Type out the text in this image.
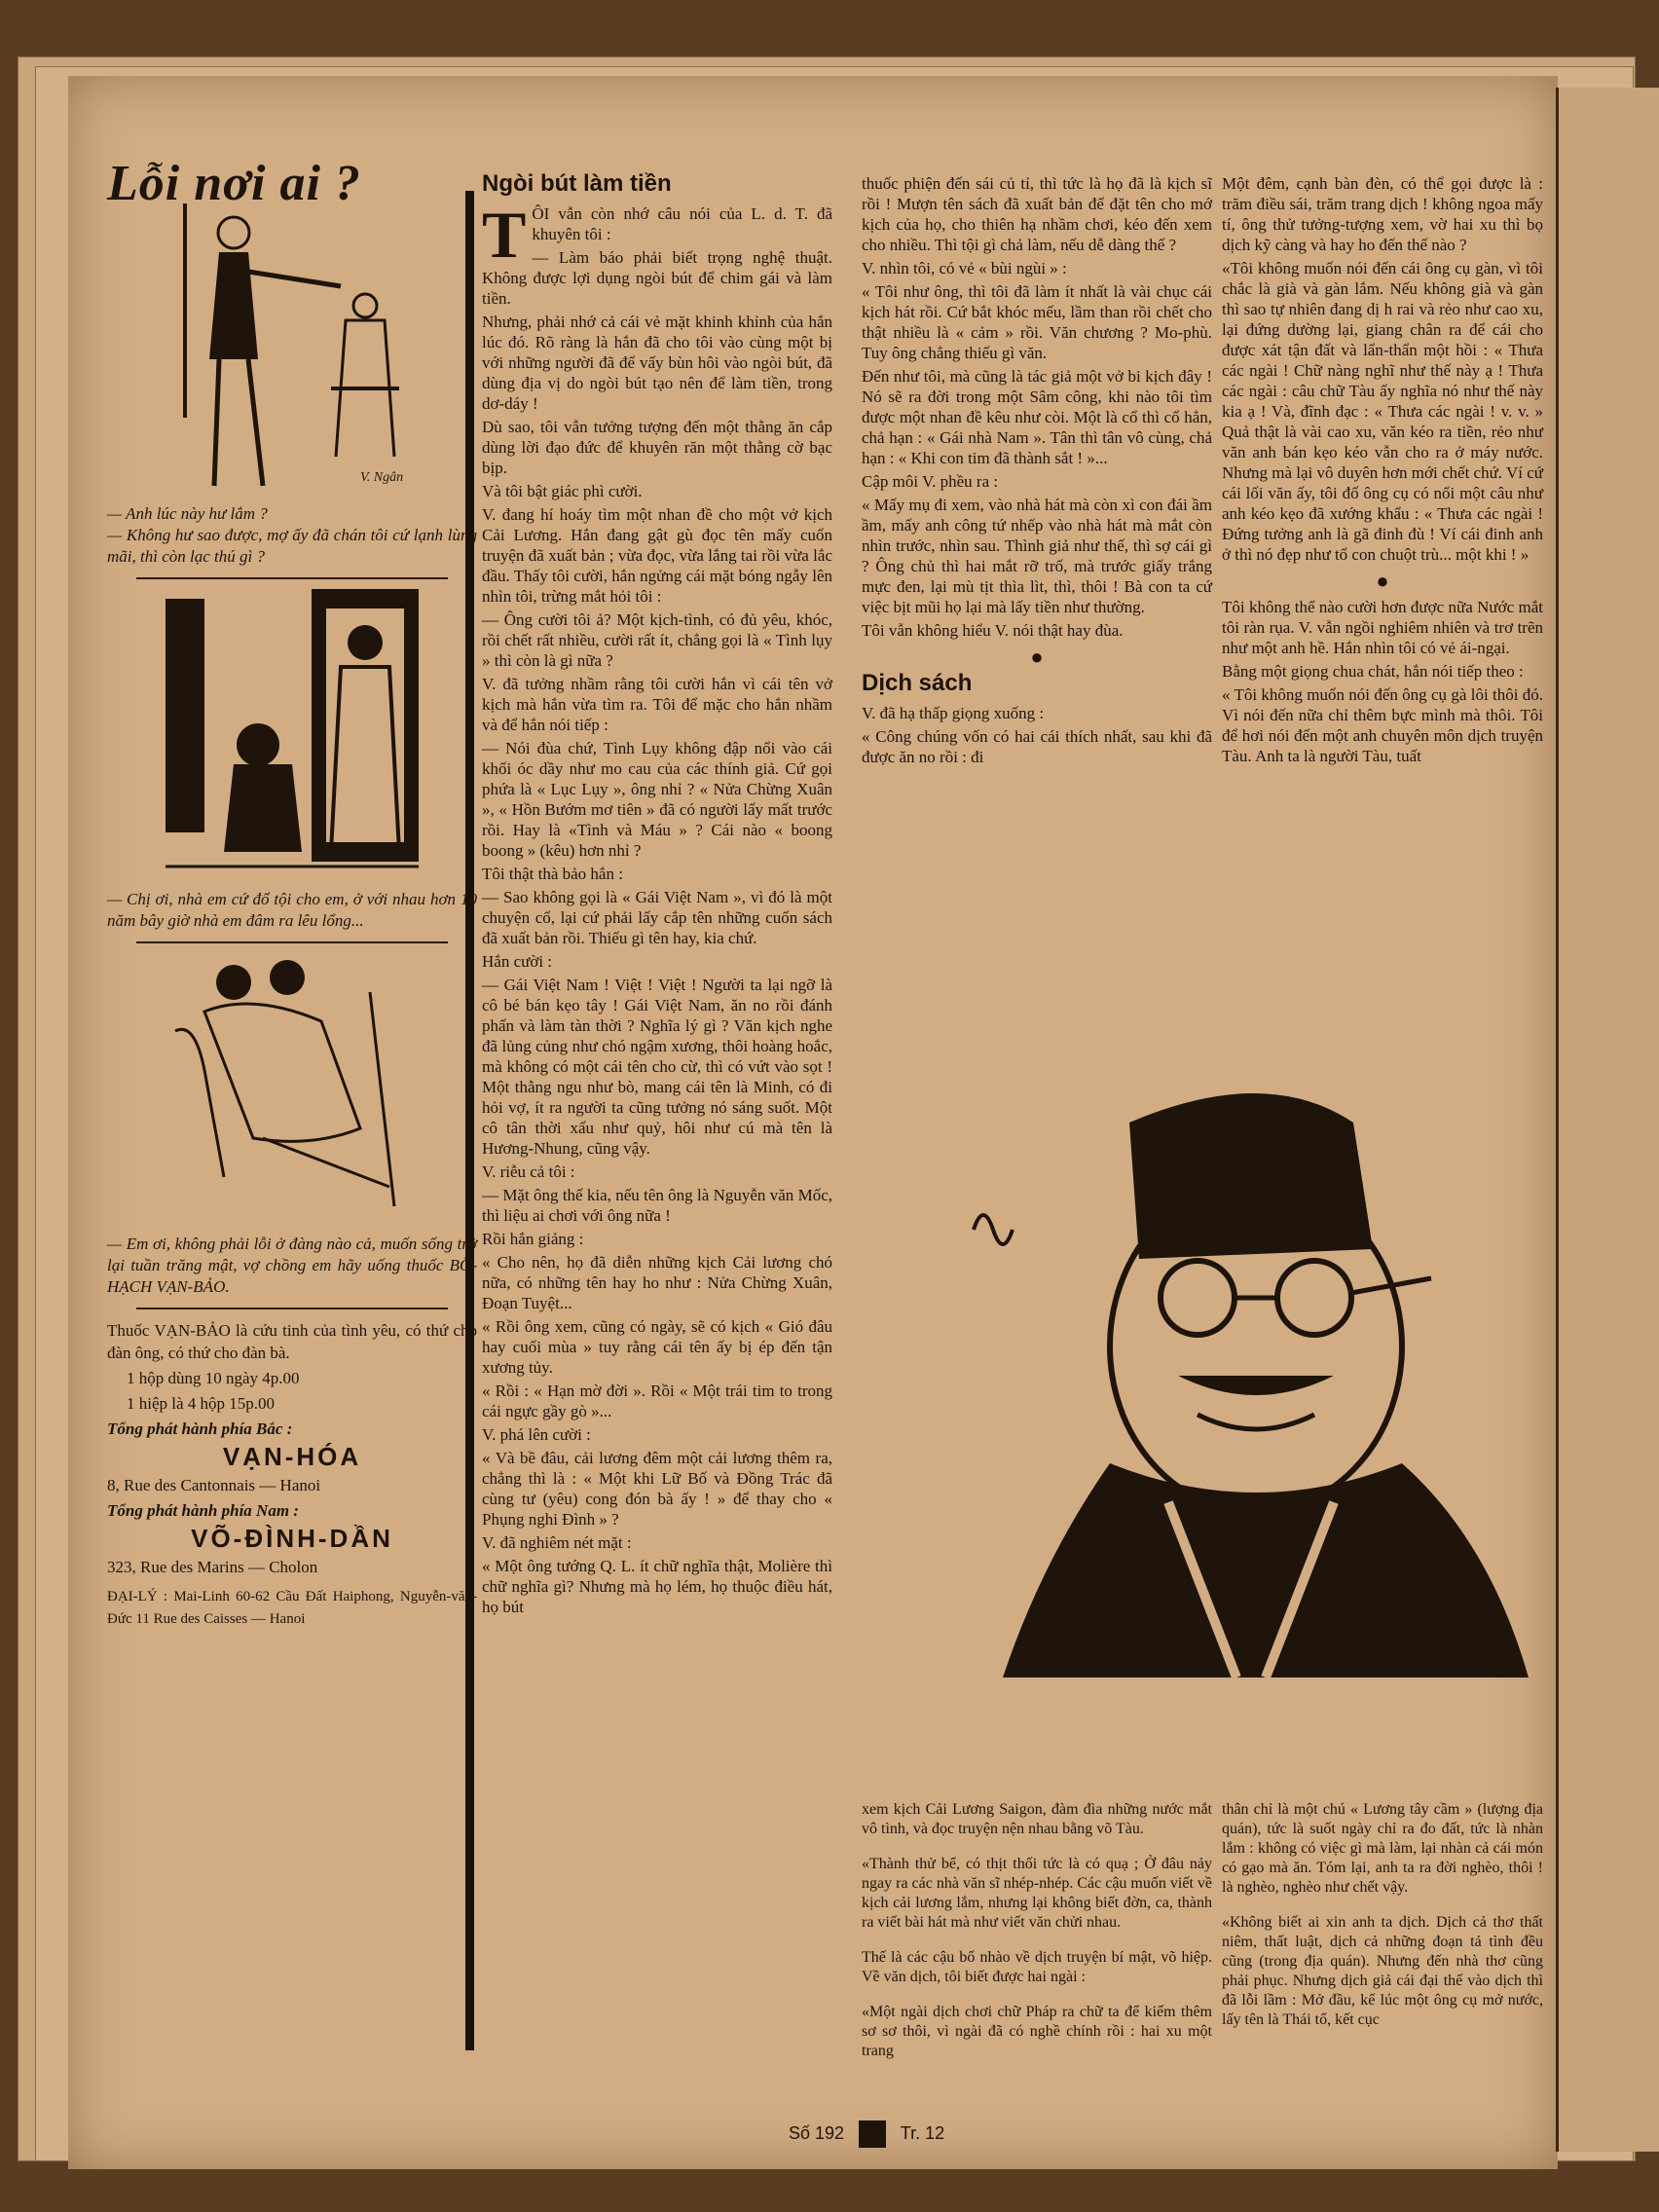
Lỗi nơi ai ?
V. Ngân
— Anh lúc này hư lắm ?
— Không hư sao được, mợ ấy đã chán tôi cứ lạnh lùng mãi, thì còn lạc thú gì ?
— Chị ơi, nhà em cứ đổ tội cho em, ở với nhau hơn 10 năm bây giờ nhà em đâm ra lêu lổng...
— Em ơi, không phải lỗi ở đàng nào cả, muốn sống trở lại tuần trăng mật, vợ chồng em hãy uống thuốc BỔ-HẠCH VẠN-BẢO.

Thuốc VẠN-BẢO là cứu tinh của tình yêu, có thứ cho đàn ông, có thứ cho đàn bà.

1 hộp dùng 10 ngày 4p.00

1 hiệp là 4 hộp 15p.00

Tổng phát hành phía Bắc :

VẠN-HÓA

8, Rue des Cantonnais — Hanoi

Tổng phát hành phía Nam :

VÕ-ĐÌNH-DẦN

323, Rue des Marins — Cholon

ĐẠI-LÝ : Mai-Linh 60-62 Cầu Đất Haiphong, Nguyễn-văn-Đức 11 Rue des Caisses — Hanoi

Ngòi bút làm tiền
T ÔI vẫn còn nhớ câu nói của L. d. T. đã khuyên tôi :

— Làm báo phải biết trọng nghệ thuật. Không được lợi dụng ngòi bút để chim gái và làm tiền.

Nhưng, phải nhớ cả cái vẻ mặt khinh khỉnh của hắn lúc đó. Rõ ràng là hắn đã cho tôi vào cùng một bị với những người đã để vấy bùn hôi vào ngòi bút, đã dùng địa vị do ngòi bút tạo nên để làm tiền, trong dơ-dáy !

Dù sao, tôi vẫn tưởng tượng đến một thằng ăn cắp dùng lời đạo đức để khuyên răn một thằng cờ bạc bịp.

Và tôi bật giác phì cười.

V. đang hí hoáy tìm một nhan đề cho một vở kịch Cải Lương. Hắn đang gật gù đọc tên mấy cuốn truyện đã xuất bản ; vừa đọc, vừa lắng tai rồi vừa lắc đầu. Thấy tôi cười, hắn ngửng cái mặt bóng ngẫy lên nhìn tôi, trừng mắt hỏi tôi :

— Ông cười tôi ả? Một kịch-tình, có đủ yêu, khóc, rồi chết rất nhiều, cười rất ít, chẳng gọi là « Tình lụy » thì còn là gì nữa ?

V. đã tưởng nhầm rằng tôi cười hắn vì cái tên vở kịch mà hắn vừa tìm ra. Tôi để mặc cho hắn nhầm và để hắn nói tiếp :

— Nói đùa chứ, Tình Lụy không đập nổi vào cái khối óc dầy như mo cau của các thính giả. Cứ gọi phứa là « Lục Lụy », ông nhỉ ? « Nửa Chừng Xuân », « Hồn Bướm mơ tiên » đã có người lấy mất trước rồi. Hay là «Tình và Máu » ? Cái nào « boong boong » (kêu) hơn nhỉ ?

Tôi thật thà bảo hắn :

— Sao không gọi là « Gái Việt Nam », vì đó là một chuyện cổ, lại cứ phải lấy cắp tên những cuốn sách đã xuất bản rồi. Thiếu gì tên hay, kia chứ.

Hắn cười :

— Gái Việt Nam ! Việt ! Việt ! Người ta lại ngỡ là cô bé bán kẹo tây ! Gái Việt Nam, ăn no rồi đánh phấn và làm tàn thời ? Nghĩa lý gì ? Văn kịch nghe đã lủng củng như chó ngậm xương, thôi hoàng hoắc, mà không có một cái tên cho cừ, thì có vứt vào sọt ! Một thằng ngu như bò, mang cái tên là Minh, có đi hỏi vợ, ít ra người ta cũng tưởng nó sáng suốt. Một cô tân thời xấu như quỷ, hôi như cú mà tên là Hương-Nhung, cũng vậy.

V. riễu cả tôi :

— Mặt ông thế kia, nếu tên ông là Nguyễn văn Mốc, thì liệu ai chơi với ông nữa !

Rồi hắn giảng :

« Cho nên, họ đã diễn những kịch Cải lương chó nữa, có những tên hay ho như : Nửa Chừng Xuân, Đoạn Tuyệt...

« Rồi ông xem, cũng có ngày, sẽ có kịch « Gió đâu hay cuối mùa » tuy rằng cái tên ấy bị ép đến tận xương tủy.

« Rồi : « Hạn mờ đời ». Rồi « Một trái tim to trong cái ngực gầy gò »...

V. phá lên cười :

« Và bề đâu, cải lương đêm một cải lương thêm ra, chẳng thì là : « Một khi Lữ Bố và Đồng Trác đã cùng tư (yêu) cong đón bà ấy ! » để thay cho « Phụng nghi Đình » ?

V. đã nghiêm nét mặt :

« Một ông tướng Q. L. ít chữ nghĩa thật, Molière thì chữ nghĩa gì? Nhưng mà họ lém, họ thuộc điều hát, họ bút

thuốc phiện đến sái củ tỉ, thì tức là họ đã là kịch sĩ rồi ! Mượn tên sách đã xuất bản để đặt tên cho mớ kịch của họ, cho thiên hạ nhầm chơi, kéo đến xem cho nhiều. Thì tội gì chả làm, nếu dễ dàng thế ?

V. nhìn tôi, có vẻ « bùi ngùi » :

« Tôi như ông, thì tôi đã làm ít nhất là vài chục cái kịch hát rồi. Cứ bắt khóc mếu, lầm than rồi chết cho thật nhiều là « cảm » rồi. Văn chương ? Mo-phù. Tuy ông chẳng thiếu gì văn.

Đến như tôi, mà cũng là tác giả một vở bi kịch đây ! Nó sẽ ra đời trong một Sâm công, khi nào tôi tìm được một nhan đề kêu như còi. Một là cổ thì cổ hẳn, chả hạn : « Gái nhà Nam ». Tân thì tân vô cùng, chả hạn : « Khi con tim đã thành sắt ! »...

Cập môi V. phều ra :

« Mấy mụ đi xem, vào nhà hát mà còn xì con đái ầm ầm, mấy anh công tứ nhếp vào nhà hát mà mắt còn nhìn trước, nhìn sau. Thình giả như thế, thì sợ cái gì ? Ông chủ thì hai mắt rỡ trố, mà trước giấy trắng mực đen, lại mù tịt thìa lìt, thì, thôi ! Bà con ta cứ việc bịt mũi họ lại mà lấy tiền như thường.

Tôi vẫn không hiểu V. nói thật hay đùa.

●
Dịch sách

V. đã hạ thấp giọng xuống :

« Công chúng vốn có hai cái thích nhất, sau khi đã được ăn no rồi : đi

Một đêm, cạnh bàn đèn, có thể gọi được là : trăm điều sái, trăm trang dịch ! không ngoa mấy tí, ông thử tưởng-tượng xem, vờ hai xu thì bọ dịch kỹ càng và hay ho đến thế nào ?

«Tôi không muốn nói đến cái ông cụ gàn, vì tôi chắc là già và gàn lắm. Nếu không già và gàn thì sao tự nhiên đang dị h rai và rẻo như cao xu, lại đứng dường lại, giang chân ra để cái cho được xát tận đất và lẩn-thẩn một hồi : « Thưa các ngài ! Chữ nàng nghĩ như thế này ạ ! Thưa các ngài : câu chữ Tàu ấy nghĩa nó như thế này kia ạ ! Và, đĩnh đạc : « Thưa các ngài ! v. v. » Quả thật là vài cao xu, văn kéo ra tiền, rẻo như văn anh bán kẹo kéo vẫn cho ra ở máy nước. Nhưng mà lại vô duyên hơn mới chết chứ. Ví cứ cái lối văn ấy, tôi đố ông cụ có nổi một câu như anh kéo kẹo đã xướng khẩu : « Thưa các ngài ! Đứng tưởng anh là gã đinh đù ! Ví cái đinh anh ở thì nó đẹp như tổ con chuột trù... một khi ! »

●

Tôi không thể nào cười hơn được nữa Nước mắt tôi ràn rụa. V. vẫn ngồi nghiêm nhiên và trơ trẽn như một anh hề. Hắn nhìn tôi có vẻ ái-ngại.

Bằng một giọng chua chát, hắn nói tiếp theo :

« Tôi không muốn nói đến ông cụ gà lôi thôi đó. Vì nói đến nữa chỉ thêm bực mình mà thôi. Tôi để hơi nói đến một anh chuyên môn dịch truyện Tàu. Anh ta là người Tàu, tuất

xem kịch Cải Lương Saigon, đàm đìa những nước mắt vô tình, và đọc truyện nện nhau bằng võ Tàu.

«Thành thử bể, có thịt thối tức là có quạ ; Ở đâu nảy ngay ra các nhà văn sĩ nhép-nhép. Các cậu muốn viết về kịch cải lương lắm, nhưng lại không biết đờn, ca, thành ra viết bài hát mà như viết văn chửi nhau.

Thế là các cậu bổ nhào về dịch truyện bí mật, võ hiệp. Về văn dịch, tôi biết được hai ngài :

«Một ngài dịch chơi chữ Pháp ra chữ ta để kiếm thêm sơ sơ thôi, vì ngài đã có nghề chính rồi : hai xu một trang

thân chỉ là một chú « Lương tây cầm » (lượng địa quán), tức là suốt ngày chỉ ra đo đất, tức là nhàn lắm : không có việc gì mà làm, lại nhàn cả cái món có gạo mà ăn. Tóm lại, anh ta ra đời nghèo, thôi ! là nghèo, nghèo như chết vậy.

«Không biết ai xin anh ta dịch. Dịch cả thơ thất niêm, thất luật, dịch cả những đoạn tả tình đều cũng (trong địa quán). Nhưng đến nhà thơ cũng phải phục. Nhưng dịch giả cái đại thế vào dịch thì đã lỗi lầm : Mở đầu, kể lúc một ông cụ mở nước, lấy tên là Thái tổ, kết cục

Số 192	Tr. 12
